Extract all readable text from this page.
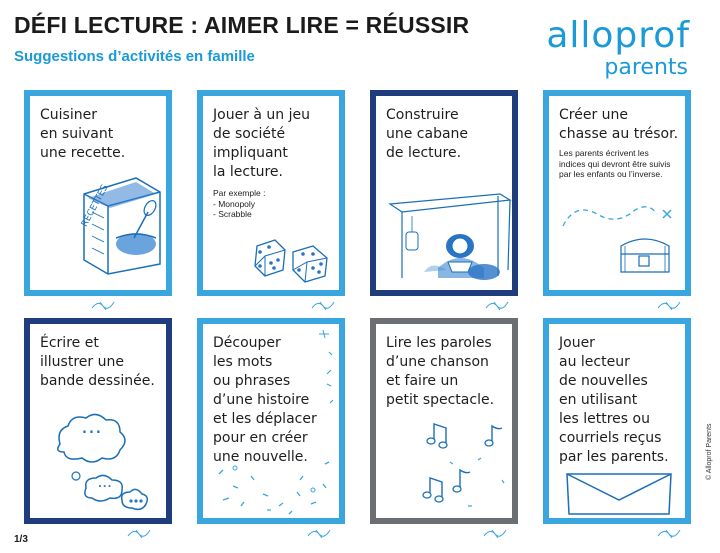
DÉFI LECTURE : AIMER LIRE = RÉUSSIR
Suggestions d’activités en famille
alloprof
parents
Cuisiner
en suivant
une recette.
RECETTES
Jouer à un jeu
de société
impliquant
la lecture.
Par exemple :
- Monopoly
- Scrabble
Construire
une cabane
de lecture.
Créer une
chasse au trésor.
Les parents écrivent les
indices qui devront être suivis
par les enfants ou l’inverse.
Écrire et
illustrer une
bande dessinée.
...
...
Découper
les mots
ou phrases
d’une histoire
et les déplacer
pour en créer
une nouvelle.
Lire les paroles
d’une chanson
et faire un
petit spectacle.
Jouer
au lecteur
de nouvelles
en utilisant
les lettres ou
courriels reçus
par les parents.
1/3
© Alloprof Parents
